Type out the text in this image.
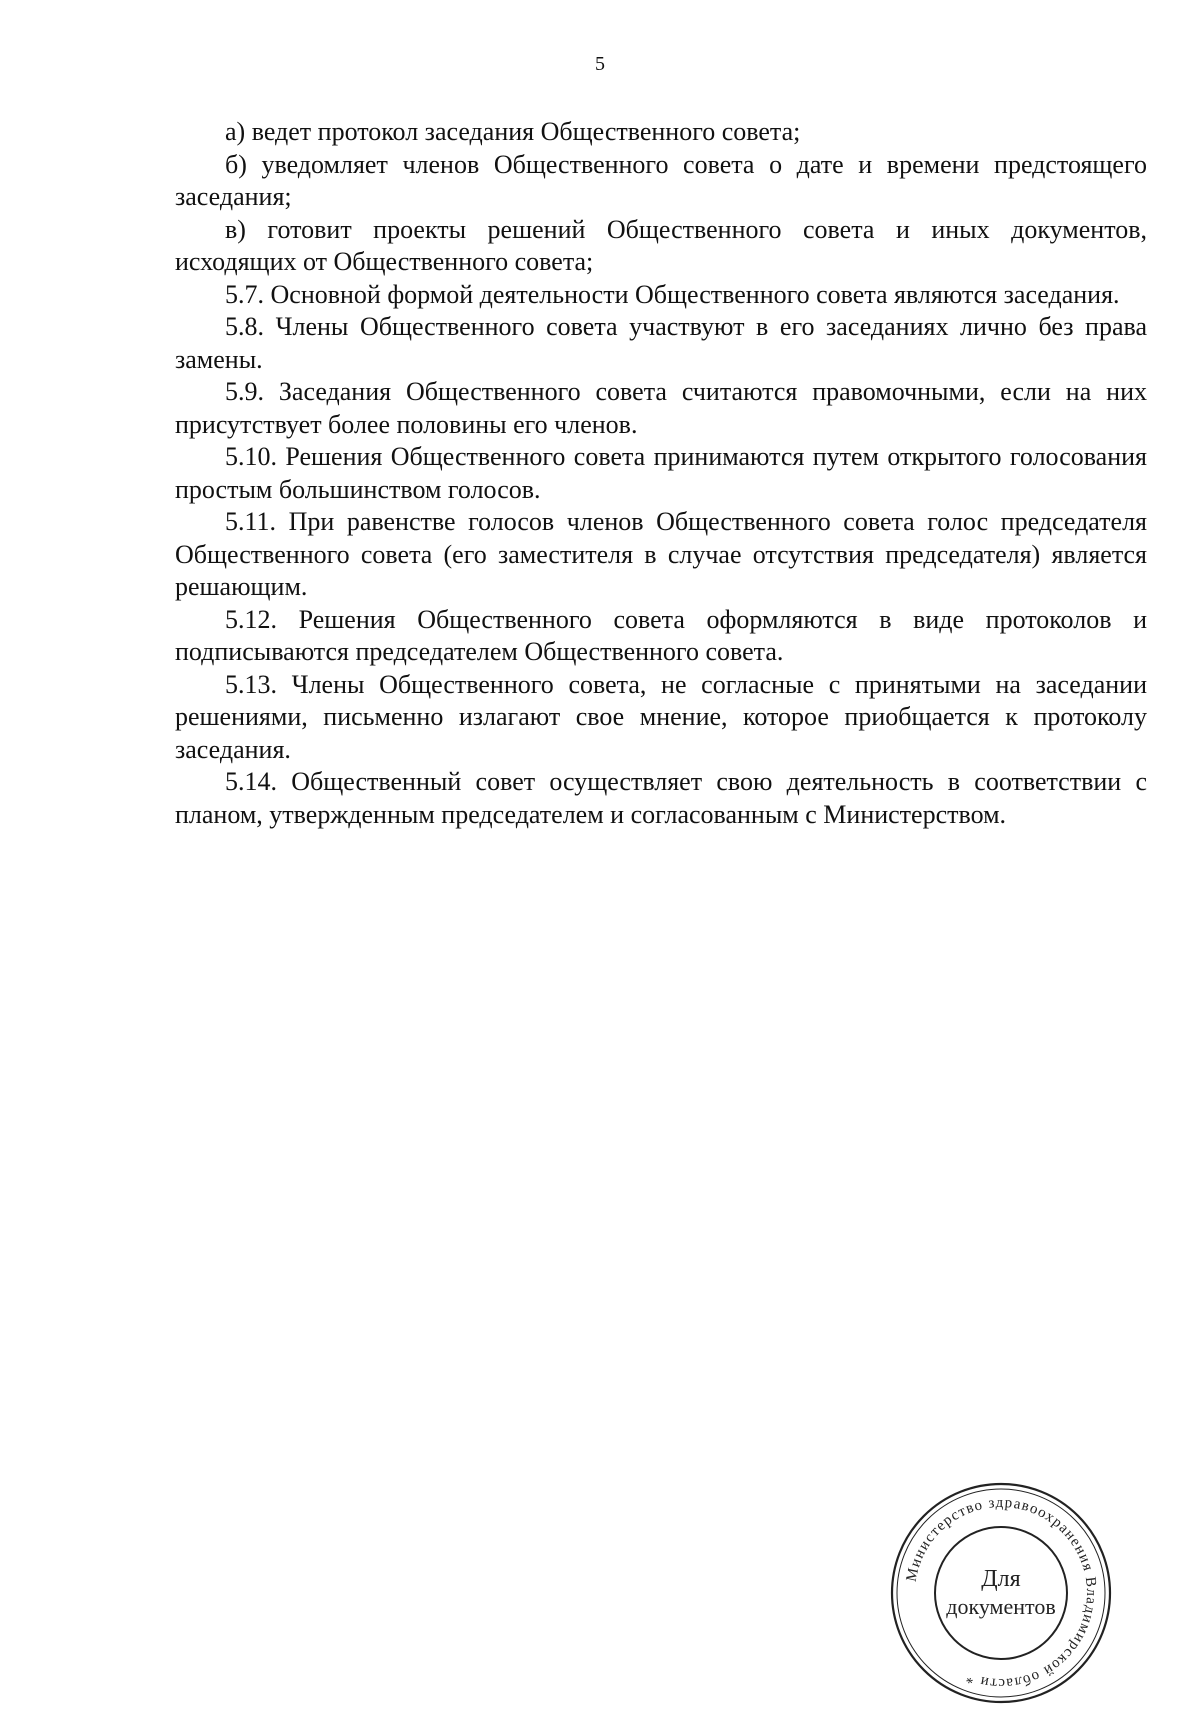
5

а) ведет протокол заседания Общественного совета;

б) уведомляет членов Общественного совета о дате и времени предстоящего заседания;

в) готовит проекты решений Общественного совета и иных документов, исходящих от Общественного совета;

5.7. Основной формой деятельности Общественного совета являются заседания.

5.8. Члены Общественного совета участвуют в его заседаниях лично без права замены.

5.9. Заседания Общественного совета считаются правомочными, если на них присутствует более половины его членов.

5.10. Решения Общественного совета принимаются путем открытого голосования простым большинством голосов.

5.11. При равенстве голосов членов Общественного совета голос председателя Общественного совета (его заместителя в случае отсутствия председателя) является решающим.

5.12. Решения Общественного совета оформляются в виде протоколов и подписываются председателем Общественного совета.

5.13. Члены Общественного совета, не согласные с принятыми на заседании решениями, письменно излагают свое мнение, которое приобщается к протоколу заседания.

5.14. Общественный совет осуществляет свою деятельность в соответствии с планом, утвержденным председателем и согласованным с Министерством.

Министерство здравоохранения Владимирской области *
Для
документов
